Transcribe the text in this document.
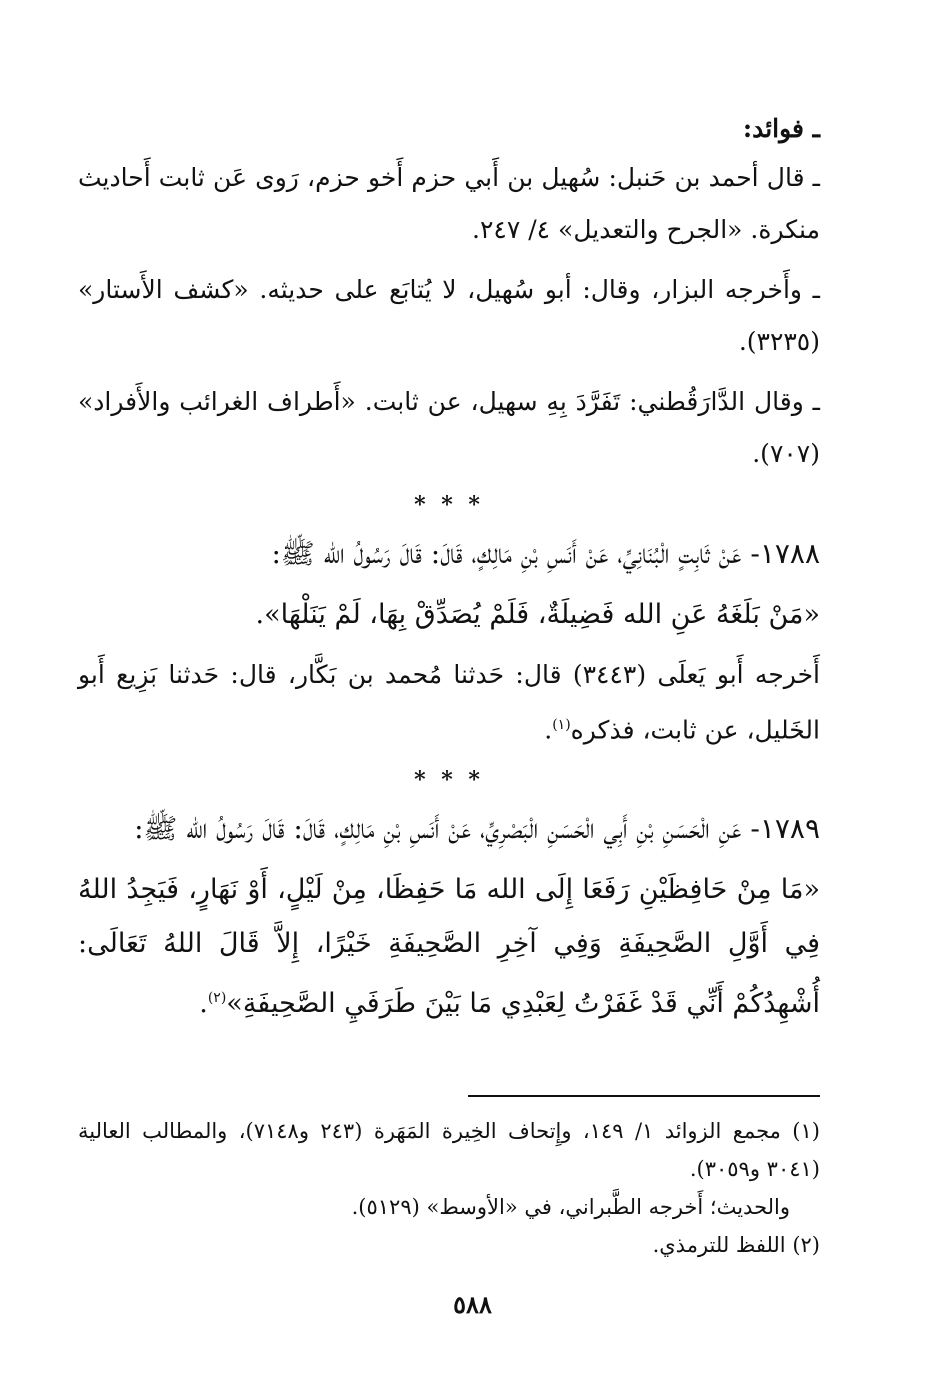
ـ فوائد:

ـ قال أحمد بن حَنبل: سُهيل بن أَبي حزم أَخو حزم، رَوى عَن ثابت أَحاديث منكرة. «الجرح والتعديل» ٤/ ٢٤٧.

ـ وأَخرجه البزار، وقال: أبو سُهيل، لا يُتابَع على حديثه. «كشف الأَستار» (٣٢٣٥).

ـ وقال الدَّارَقُطني: تَفَرَّدَ بِهِ سهيل، عن ثابت. «أَطراف الغرائب والأَفراد» (٧٠٧).

* * *

١٧٨٨- عَنْ ثَابِتٍ الْبُنَانِيِّ، عَنْ أَنَسِ بْنِ مَالِكٍ، قَالَ: قَالَ رَسُولُ الله ﷺ:

«مَنْ بَلَغَهُ عَنِ الله فَضِيلَةٌ، فَلَمْ يُصَدِّقْ بِهَا، لَمْ يَنَلْهَا».

أَخرجه أَبو يَعلَى (٣٤٤٣) قال: حَدثنا مُحمد بن بَكَّار، قال: حَدثنا بَزِيع أَبو الخَليل، عن ثابت، فذكره$^{(١)}$.

* * *

١٧٨٩- عَنِ الْحَسَنِ بْنِ أَبِي الْحَسَنِ الْبَصْرِيِّ، عَنْ أَنَسِ بْنِ مَالِكٍ، قَالَ: قَالَ رَسُولُ الله ﷺ:

«مَا مِنْ حَافِظَيْنِ رَفَعَا إِلَى الله مَا حَفِظَا، مِنْ لَيْلٍ، أَوْ نَهَارٍ، فَيَجِدُ اللهُ فِي أَوَّلِ الصَّحِيفَةِ وَفِي آخِرِ الصَّحِيفَةِ خَيْرًا، إِلاَّ قَالَ اللهُ تَعَالَى: أُشْهِدُكُمْ أَنِّي قَدْ غَفَرْتُ لِعَبْدِي مَا بَيْنَ طَرَفَيِ الصَّحِيفَةِ»$^{(٢)}$.

(١) مجمع الزوائد ١/ ١٤٩، وإِتحاف الخِيرة المَهَرة (٢٤٣ و٧١٤٨)، والمطالب العالية (٣٠٤١ و٣٠٥٩).

والحديث؛ أَخرجه الطَّبراني، في «الأوسط» (٥١٢٩).

(٢) اللفظ للترمذي.

٥٨٨
